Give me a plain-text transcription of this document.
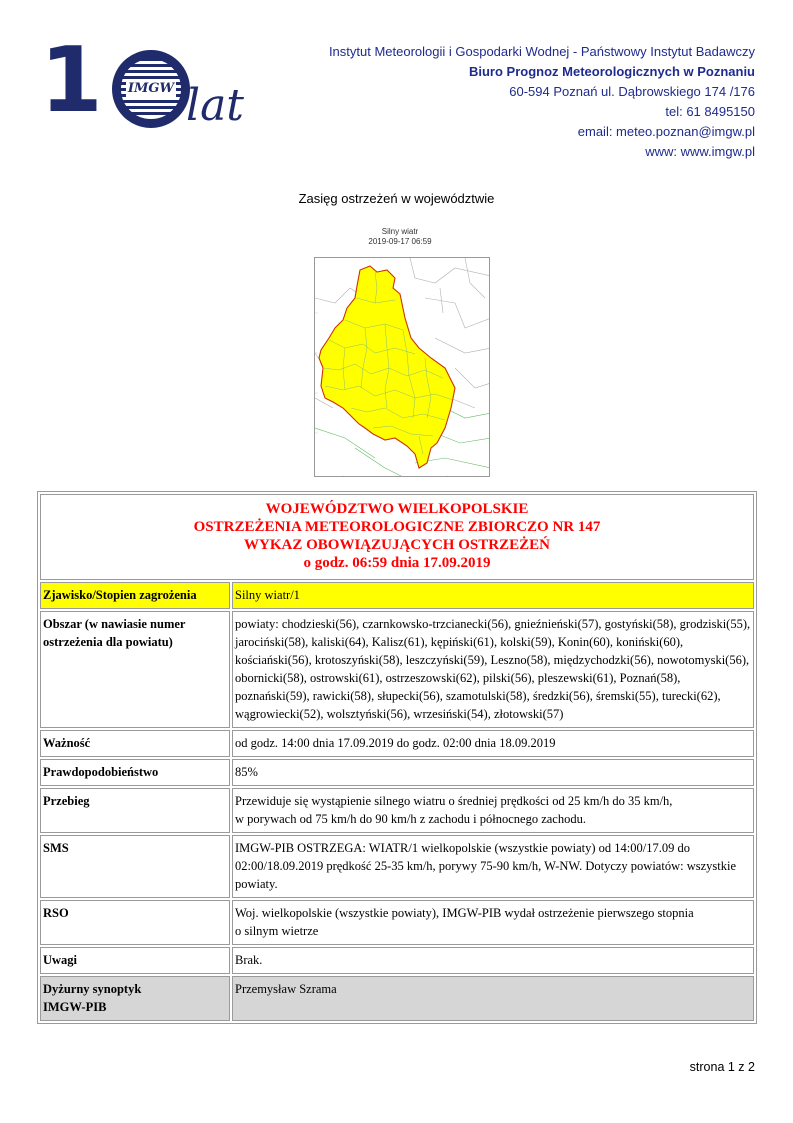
1 IMGW lat
Instytut Meteorologii i Gospodarki Wodnej - Państwowy Instytut Badawczy
Biuro Prognoz Meteorologicznych w Poznaniu
60-594 Poznań ul. Dąbrowskiego 174 /176
tel: 61 8495150
email: meteo.poznan@imgw.pl
www: www.imgw.pl
Zasięg ostrzeżeń w województwie
Silny wiatr
2019-09-17 06:59
WOJEWÓDZTWO WIELKOPOLSKIE
OSTRZEŻENIA METEOROLOGICZNE ZBIORCZO NR 147
WYKAZ OBOWIĄZUJĄCYCH OSTRZEŻEŃ
o godz. 06:59 dnia 17.09.2019	

Zjawisko/Stopien zagrożenia	Silny wiatr/1
Obszar (w nawiasie numer ostrzeżenia dla powiatu)	powiaty: chodzieski(56), czarnkowsko-trzcianecki(56), gnieźnieński(57), gostyński(58), grodziski(55), jarociński(58), kaliski(64), Kalisz(61), kępiński(61), kolski(59), Konin(60), koniński(60), kościański(56), krotoszyński(58), leszczyński(59), Leszno(58), międzychodzki(56), nowotomyski(56), obornicki(58), ostrowski(61), ostrzeszowski(62), pilski(56), pleszewski(61), Poznań(58), poznański(59), rawicki(58), słupecki(56), szamotulski(58), średzki(56), śremski(55), turecki(62), wągrowiecki(52), wolsztyński(56), wrzesiński(54), złotowski(57)
Ważność	od godz. 14:00 dnia 17.09.2019 do godz. 02:00 dnia 18.09.2019
Prawdopodobieństwo	85%
Przebieg	Przewiduje się wystąpienie silnego wiatru o średniej prędkości od 25 km/h do 35 km/h,
w porywach od 75 km/h do 90 km/h z zachodu i północnego zachodu.

SMS	IMGW-PIB OSTRZEGA: WIATR/1 wielkopolskie (wszystkie powiaty) od 14:00/17.09 do 02:00/18.09.2019 prędkość 25-35 km/h, porywy 75-90 km/h, W-NW. Dotyczy powiatów: wszystkie powiaty.
RSO	Woj. wielkopolskie (wszystkie powiaty), IMGW-PIB wydał ostrzeżenie pierwszego stopnia
o silnym wietrze

Uwagi	Brak.

Dyżurny synoptyk
IMGW-PIB	Przemysław Szrama
strona 1 z 2
